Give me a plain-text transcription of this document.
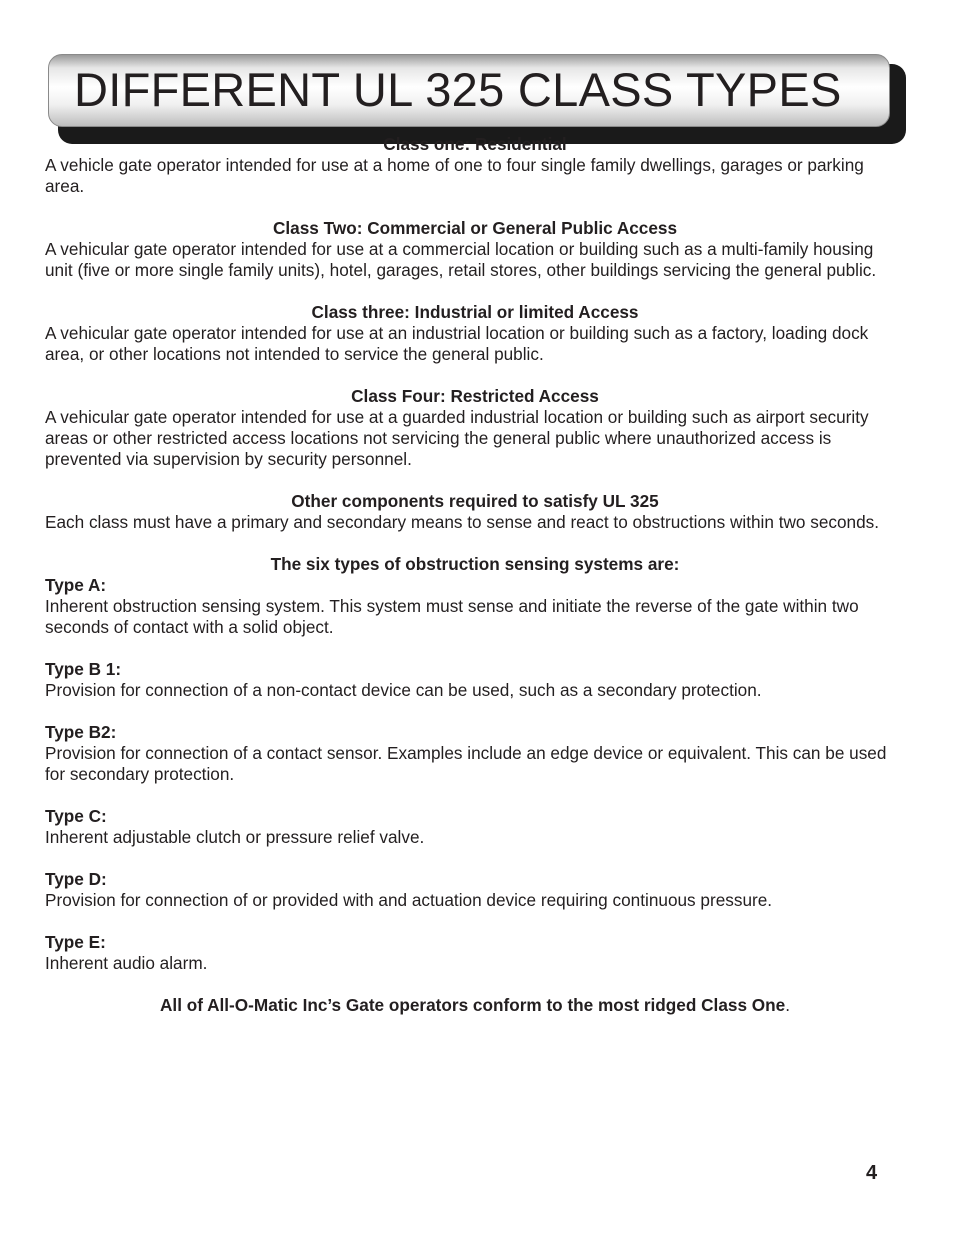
DIFFERENT UL 325 CLASS TYPES

Class one: Residential

A vehicle gate operator intended for use at a home of one to four single family dwellings, garages or parking area.

Class Two: Commercial or General Public Access

A vehicular gate operator intended for use at a commercial location or building such as a multi-family housing unit (five or more single family units), hotel, garages, retail stores, other buildings servicing the general public.

Class three: Industrial or limited Access

A vehicular gate operator intended for use at an industrial location or building such as a factory, loading dock area, or other locations not intended to service the general public.

Class Four: Restricted Access

A vehicular gate operator intended for use at a guarded industrial location or building such as airport security areas or other restricted access locations not servicing the general public where unauthorized access is prevented via supervision by security personnel.

Other components required to satisfy UL 325

Each class must have a primary and secondary means to sense and react to obstructions within two seconds.

The six types of obstruction sensing systems are:

Type A:

Inherent obstruction sensing system. This system must sense and initiate the reverse of the gate within two seconds of contact with a solid object.

Type B 1:

Provision for connection of a non-contact device can be used, such as a secondary protection.

Type B2:

Provision for connection of a contact sensor. Examples include an edge device or equivalent. This can be used for secondary protection.

Type C:

Inherent adjustable clutch or pressure relief valve.

Type D:

Provision for connection of or provided with and actuation device requiring continuous pressure.

Type E:

Inherent audio alarm.

All of All-O-Matic Inc’s Gate operators conform to the most ridged Class One.

4
